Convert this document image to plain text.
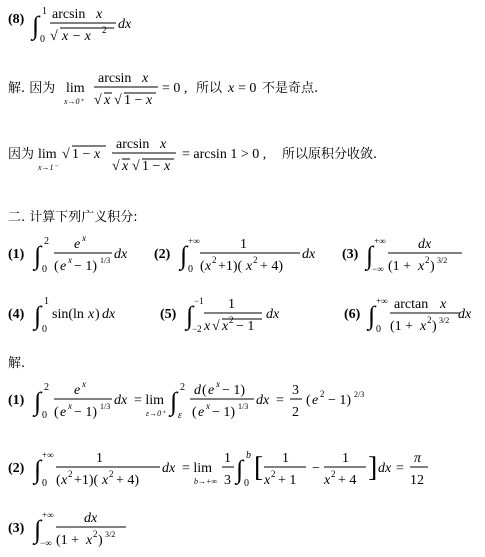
(8) ∫ 1
0
arcsin x
√ x − x 2 dx
解. 因为 lim
x→0⁺
arcsin x
√ x √ 1 − x
= 0 , 所以 x = 0 不是奇点.
因为 lim
x→1⁻
√ 1 − x
arcsin x
√ x √ 1 − x
= arcsin 1 > 0 , 所以原积分收敛.
二. 计算下列广义积分:
(1) ∫ 2
0
e x
( e x − 1) 1/3 dx (2) ∫ +∞
0
1
( x 2 +1)( x 2 + 4)
dx (3) ∫ +∞
−∞
dx
(1 + x 2 ) 3/2
(4) ∫ 1
0
sin(ln x ) dx	(5) ∫ −1
−2
1
x √ x 2 − 1
dx	(6) ∫ +∞
0
arctan x
(1 + x 2 ) 3/2 dx
解.
(1) ∫ 2
0
e x
( e x − 1) 1/3 dx = lim
ε→0⁺ ∫ 2
ε
d ( e x − 1)
( e x − 1) 1/3 dx =
3
2
( e 2 − 1) 2/3
(2) ∫ +∞
0
1
( x 2 +1)( x 2 + 4)
dx = lim
b→+∞
1
3 ∫ b
0
[ 1
x 2 + 1
−
1
x 2 + 4 ] dx =
π
12
(3) ∫ +∞
−∞
dx
(1 + x 2 ) 3/2
